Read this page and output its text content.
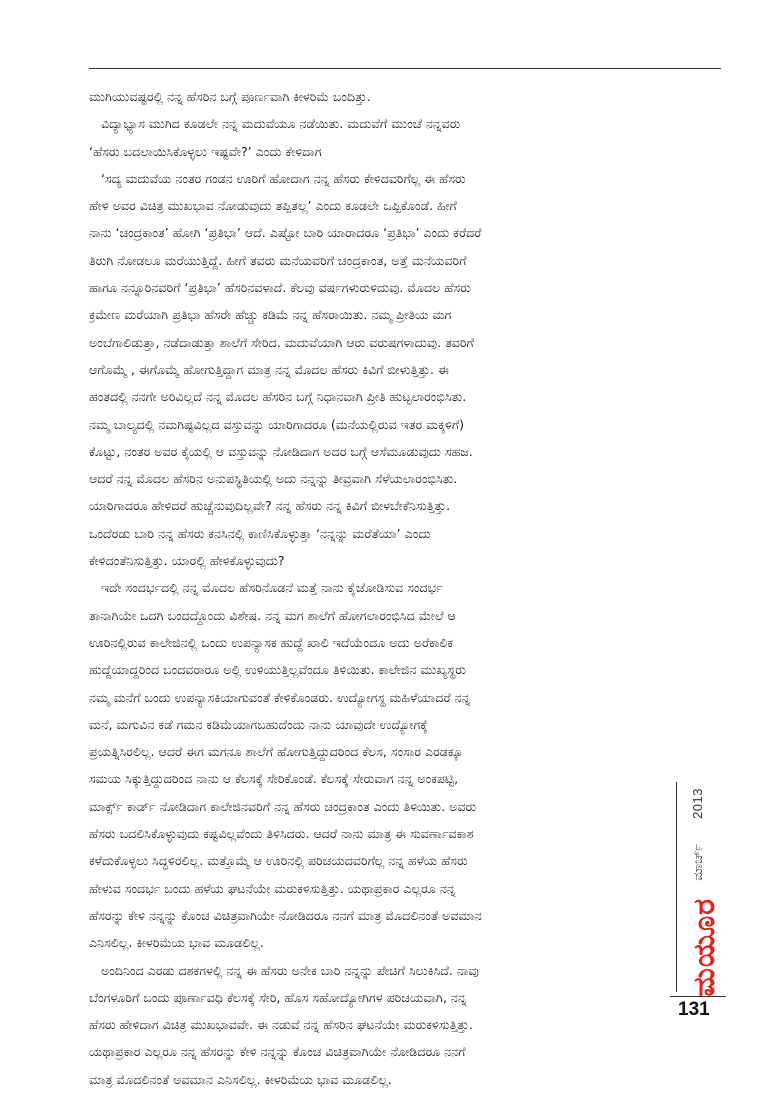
ಮುಗಿಯುವಷ್ಟರಲ್ಲಿ ನನ್ನ ಹೆಸರಿನ ಬಗ್ಗೆ ಪೂರ್ಣವಾಗಿ ಕೀಳರಿಮೆ ಬಂದಿತ್ತು.

ವಿದ್ಯಾಭ್ಯಾಸ ಮುಗಿದ ಕೂಡಲೇ ನನ್ನ ಮದುವೆಯೂ ನಡೆಯಿತು. ಮದುವೆಗೆ ಮುಂಚೆ ನನ್ನವರು

‘ಹೆಸರು ಬದಲಾಯಿಸಿಕೊಳ್ಳಲು ಇಷ್ಟವೇ?’ ಎಂದು ಕೇಳಿದಾಗ

‘ಸದ್ಯ ಮದುವೆಯ ನಂತರ ಗಂಡನ ಊರಿಗೆ ಹೋದಾಗ ನನ್ನ ಹೆಸರು ಕೇಳಿದವರಿಗೆಲ್ಲ ಈ ಹೆಸರು

ಹೇಳಿ ಅವರ ವಿಚಿತ್ರ ಮುಖಭಾವ ನೋಡುವುದು ತಪ್ಪಿತಲ್ಲ’ ಎಂದು ಕೂಡಲೇ ಒಪ್ಪಿಕೊಂಡೆ. ಹೀಗೆ

ನಾನು ‘ಚಂದ್ರಕಾಂತ’ ಹೋಗಿ ‘ಪ್ರತಿಭಾ’ ಆದೆ. ಎಷ್ಟೋ ಬಾರಿ ಯಾರಾದರೂ ‘ಪ್ರತಿಭಾ’ ಎಂದು ಕರೆದರೆ

ತಿರುಗಿ ನೋಡಲೂ ಮರೆಯುತ್ತಿದ್ದೆ. ಹೀಗೆ ತವರು ಮನೆಯವರಿಗೆ ಚಂದ್ರಕಾಂತ, ಅತ್ತೆ ಮನೆಯವರಿಗೆ

ಹಾಗೂ ನನ್ನೂರಿನವರಿಗೆ ‘ಪ್ರತಿಭಾ’ ಹೆಸರಿನವಳಾದೆ. ಕೆಲವು ವರ್ಷಗಳುರುಳಿದುವು. ಮೊದಲ ಹೆಸರು

ಕ್ರಮೇಣ ಮರೆಯಾಗಿ ಪ್ರತಿಭಾ ಹೆಸರೇ ಹೆಚ್ಚು ಕಡಿಮೆ ನನ್ನ ಹೆಸರಾಯಿತು. ನಮ್ಮ ಪ್ರೀತಿಯ ಮಗ

ಅಂಬೆಗಾಲಿಡುತ್ತಾ, ನಡೆದಾಡುತ್ತಾ ಶಾಲೆಗೆ ಸೇರಿದ. ಮದುವೆಯಾಗಿ ಆರು ವರುಷಗಳಾದುವು. ತವರಿಗೆ

ಆಗೊಮ್ಮೆ , ಈಗೊಮ್ಮೆ ಹೋಗುತ್ತಿದ್ದಾಗ ಮಾತ್ರ ನನ್ನ ಮೊದಲ ಹೆಸರು ಕಿವಿಗೆ ಬೀಳುತ್ತಿತ್ತು. ಈ

ಹಂತದಲ್ಲಿ ನನಗೇ ಅರಿವಿಲ್ಲದೆ ನನ್ನ ಮೊದಲ ಹೆಸರಿನ ಬಗ್ಗೆ ನಿಧಾನವಾಗಿ ಪ್ರೀತಿ ಹುಟ್ಟಲಾರಂಭಿಸಿತು.

ನಮ್ಮ ಬಾಲ್ಯದಲ್ಲಿ ನಮಗಿಷ್ಟವಿಲ್ಲದ ವಸ್ತುವನ್ನು ಯಾರಿಗಾದರೂ (ಮನೆಯಲ್ಲಿರುವ ಇತರ ಮಕ್ಕಳಿಗೆ)

ಕೊಟ್ಟು, ನಂತರ ಅವರ ಕೈಯಲ್ಲಿ ಆ ವಸ್ತುವನ್ನು ನೋಡಿದಾಗ ಅದರ ಬಗ್ಗೆ ಆಸೆಮೂಡುವುದು ಸಹಜ.

ಆದರೆ ನನ್ನ ಮೊದಲ ಹೆಸರಿನ ಅನುಪಸ್ಥಿತಿಯಲ್ಲಿ ಅದು ನನ್ನನ್ನು ತೀವ್ರವಾಗಿ ಸೆಳೆಯಲಾರಂಭಿಸಿತು.

ಯಾರಿಗಾದರೂ ಹೇಳಿದರೆ ಹುಚ್ಚೆನುವುದಿಲ್ಲವೇ? ನನ್ನ ಹೆಸರು ನನ್ನ ಕಿವಿಗೆ ಬೀಳಬೇಕೆನಿಸುತ್ತಿತ್ತು.

ಒಂದೆರಡು ಬಾರಿ ನನ್ನ ಹೆಸರು ಕನಸಿನಲ್ಲಿ ಕಾಣಿಸಿಕೊಳ್ಳುತ್ತಾ ‘ನನ್ನನ್ನು ಮರೆತೆಯಾ’ ಎಂದು

ಕೇಳಿದಂತೆನಿಸುತ್ತಿತ್ತು. ಯಾರಲ್ಲಿ ಹೇಳಿಕೊಳ್ಳುವುದು?

ಇದೇ ಸಂದರ್ಭದಲ್ಲಿ ನನ್ನ ಮೊದಲ ಹೆಸರಿನೊಡನೆ ಮತ್ತೆ ನಾನು ಕೈಜೋಡಿಸುವ ಸಂದರ್ಭ

ತಾನಾಗಿಯೇ ಒದಗಿ ಬಂದದ್ದೊಂದು ವಿಶೇಷ. ನನ್ನ ಮಗ ಶಾಲೆಗೆ ಹೋಗಲಾರಂಭಿಸಿದ ಮೇಲೆ ಆ

ಊರಿನಲ್ಲಿರುವ ಕಾಲೇಜಿನಲ್ಲಿ ಒಂದು ಉಪನ್ಯಾಸಕ ಹುದ್ದೆ ಖಾಲಿ ಇದೆಯೆಂದೂ ಅದು ಅರೆಕಾಲಿಕ

ಹುದ್ದೆಯಾದ್ದರಿಂದ ಬಂದವರಾರೂ ಅಲ್ಲಿ ಉಳಿಯುತ್ತಿಲ್ಲವೆಂದೂ ತಿಳಿಯಿತು. ಕಾಲೇಜಿನ ಮುಖ್ಯಸ್ಥರು

ನಮ್ಮ ಮನೆಗೆ ಬಂದು ಉಪನ್ಯಾಸಕಿಯಾಗುವಂತೆ ಕೇಳಿಕೊಂಡರು. ಉದ್ಯೋಗಸ್ಥ ಮಹಿಳೆಯಾದರೆ ನನ್ನ

ಮನೆ, ಮಗುವಿನ ಕಡೆ ಗಮನ ಕಡಿಮೆಯಾಗಬಹುದೆಂದು ನಾನು ಯಾವುದೇ ಉದ್ಯೋಗಕ್ಕೆ

ಪ್ರಯತ್ನಿಸಿರಲಿಲ್ಲ. ಆದರೆ ಈಗ ಮಗನೂ ಶಾಲೆಗೆ ಹೋಗುತ್ತಿದ್ದುದರಿಂದ ಕೆಲಸ, ಸಂಸಾರ ಎರಡಕ್ಕೂ

ಸಮಯ ಸಿಕ್ಕುತ್ತಿದ್ದುದರಿಂದ ನಾನು ಆ ಕೆಲಸಕ್ಕೆ ಸೇರಿಕೊಂಡೆ. ಕೆಲಸಕ್ಕೆ ಸೇರುವಾಗ ನನ್ನ ಅಂಕಪಟ್ಟಿ,

ಮಾರ್ಕ್ಸ್ ಕಾರ್ಡ್ ನೋಡಿದಾಗ ಕಾಲೇಜಿನವರಿಗೆ ನನ್ನ ಹೆಸರು ಚಂದ್ರಕಾಂತ ಎಂದು ತಿಳಿಯಿತು. ಅವರು

ಹೆಸರು ಬದಲಿಸಿಕೊಳ್ಳುವುದು ಕಷ್ಟವಿಲ್ಲವೆಂದು ತಿಳಿಸಿದರು. ಆದರೆ ನಾನು ಮಾತ್ರ ಈ ಸುವರ್ಣಾವಕಾಶ

ಕಳೆದುಕೊಳ್ಳಲು ಸಿದ್ಧಳಿರಲಿಲ್ಲ. ಮತ್ತೊಮ್ಮೆ ಆ ಊರಿನಲ್ಲಿ ಪರಿಚಯದವರಿಗೆಲ್ಲ ನನ್ನ ಹಳೆಯ ಹೆಸರು

ಹೇಳುವ ಸಂದರ್ಭ ಬಂದು ಹಳೆಯ ಘಟನೆಯೇ ಮರುಕಳಿಸುತ್ತಿತ್ತು. ಯಥಾಪ್ರಕಾರ ಎಲ್ಲರೂ ನನ್ನ

ಹೆಸರನ್ನು ಕೇಳಿ ನನ್ನನ್ನು ಕೊಂಚ ವಿಚಿತ್ರವಾಗಿಯೇ ನೋಡಿದರೂ ನನಗೆ ಮಾತ್ರ ಮೊದಲಿನಂತೆ ಅವಮಾನ

ಎನಿಸಲಿಲ್ಲ. ಕೀಳರಿಮೆಯ ಭಾವ ಮೂಡಲಿಲ್ಲ.

ಅಂದಿನಿಂದ ಎರಡು ದಶಕಗಳಲ್ಲಿ ನನ್ನ ಈ ಹೆಸರು ಅನೇಕ ಬಾರಿ ನನ್ನನ್ನು ಪೇಚಿಗೆ ಸಿಲುಕಿಸಿದೆ. ನಾವು

ಬೆಂಗಳೂರಿಗೆ ಬಂದು ಪೂರ್ಣಾವಧಿ ಕೆಲಸಕ್ಕೆ ಸೇರಿ, ಹೊಸ ಸಹೋದ್ಯೋಗಿಗಳ ಪರಿಚಯವಾಗಿ, ನನ್ನ

ಹೆಸರು ಹೇಳಿದಾಗ ವಿಚಿತ್ರ ಮುಖಭಾವವೇ. ಈ ನಡುವೆ ನನ್ನ ಹೆಸರಿನ ಘಟನೆಯೇ ಮರುಕಳಿಸುತ್ತಿತ್ತು.

ಯಥಾಪ್ರಕಾರ ಎಲ್ಲರೂ ನನ್ನ ಹೆಸರನ್ನು ಕೇಳಿ ನನ್ನನ್ನು ಕೊಂಚ ವಿಚಿತ್ರವಾಗಿಯೇ ನೋಡಿದರೂ ನನಗೆ

ಮಾತ್ರ ಮೊದಲಿನಂತೆ ಅವಮಾನ ಎನಿಸಲಿಲ್ಲ. ಕೀಳರಿಮೆಯ ಭಾವ ಮೂಡಲಿಲ್ಲ.

2013
ಮಾರ್ಚ್
ಮಯೂರ
131
